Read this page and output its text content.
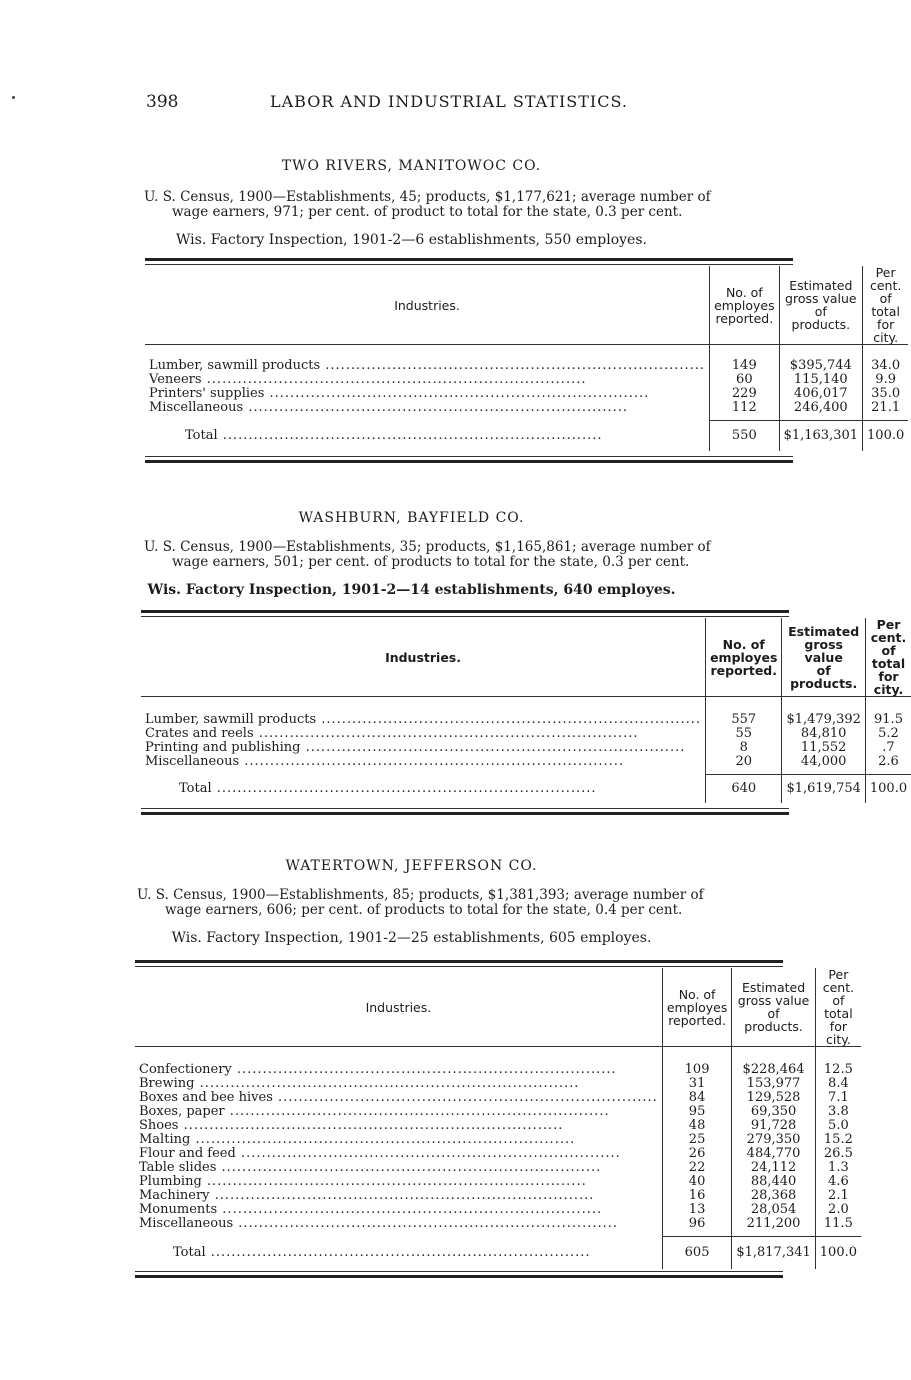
398	LABOR AND INDUSTRIAL STATISTICS.
TWO RIVERS, MANITOWOC CO.
U. S. Census, 1900—Establishments, 45; products, $1,177,621; average number of
wage earners, 971; per cent. of product to total for the state, 0.3 per cent.
Wis. Factory Inspection, 1901-2—6 establishments, 550 employes.
Industries.	No. of
employes
reported.	Estimated
gross value
of products.	Per cent. of
total for
city.

Lumber, sawmill products .....	149	$395,744	34.0
Veneers .....	60	115,140	9.9
Printers' supplies .....	229	406,017	35.0
Miscellaneous .....	112	246,400	21.1

Total .....	550	$1,163,301	100.0
WASHBURN, BAYFIELD CO.
U. S. Census, 1900—Establishments, 35; products, $1,165,861; average number of
wage earners, 501; per cent. of products to total for the state, 0.3 per cent.
Wis. Factory Inspection, 1901-2—14 establishments, 640 employes.
Industries.	No. of
employes
reported.	Estimated
gross value
of products.	Per cent. of
total for
city.

Lumber, sawmill products .....	557	$1,479,392	91.5
Crates and reels .....	55	84,810	5.2
Printing and publishing .....	8	11,552	.7
Miscellaneous .....	20	44,000	2.6

Total .....	640	$1,619,754	100.0
WATERTOWN, JEFFERSON CO.
U. S. Census, 1900—Establishments, 85; products, $1,381,393; average number of
wage earners, 606; per cent. of products to total for the state, 0.4 per cent.
Wis. Factory Inspection, 1901-2—25 establishments, 605 employes.
Industries.	No. of
employes
reported.	Estimated
gross value
of products.	Per cent. of
total for
city.

Confectionery .....	109	$228,464	12.5
Brewing .....	31	153,977	8.4
Boxes and bee hives .....	84	129,528	7.1
Boxes, paper .....	95	69,350	3.8
Shoes .....	48	91,728	5.0
Malting .....	25	279,350	15.2
Flour and feed .....	26	484,770	26.5
Table slides .....	22	24,112	1.3
Plumbing .....	40	88,440	4.6
Machinery .....	16	28,368	2.1
Monuments .....	13	28,054	2.0
Miscellaneous .....	96	211,200	11.5

Total .....	605	$1,817,341	100.0
